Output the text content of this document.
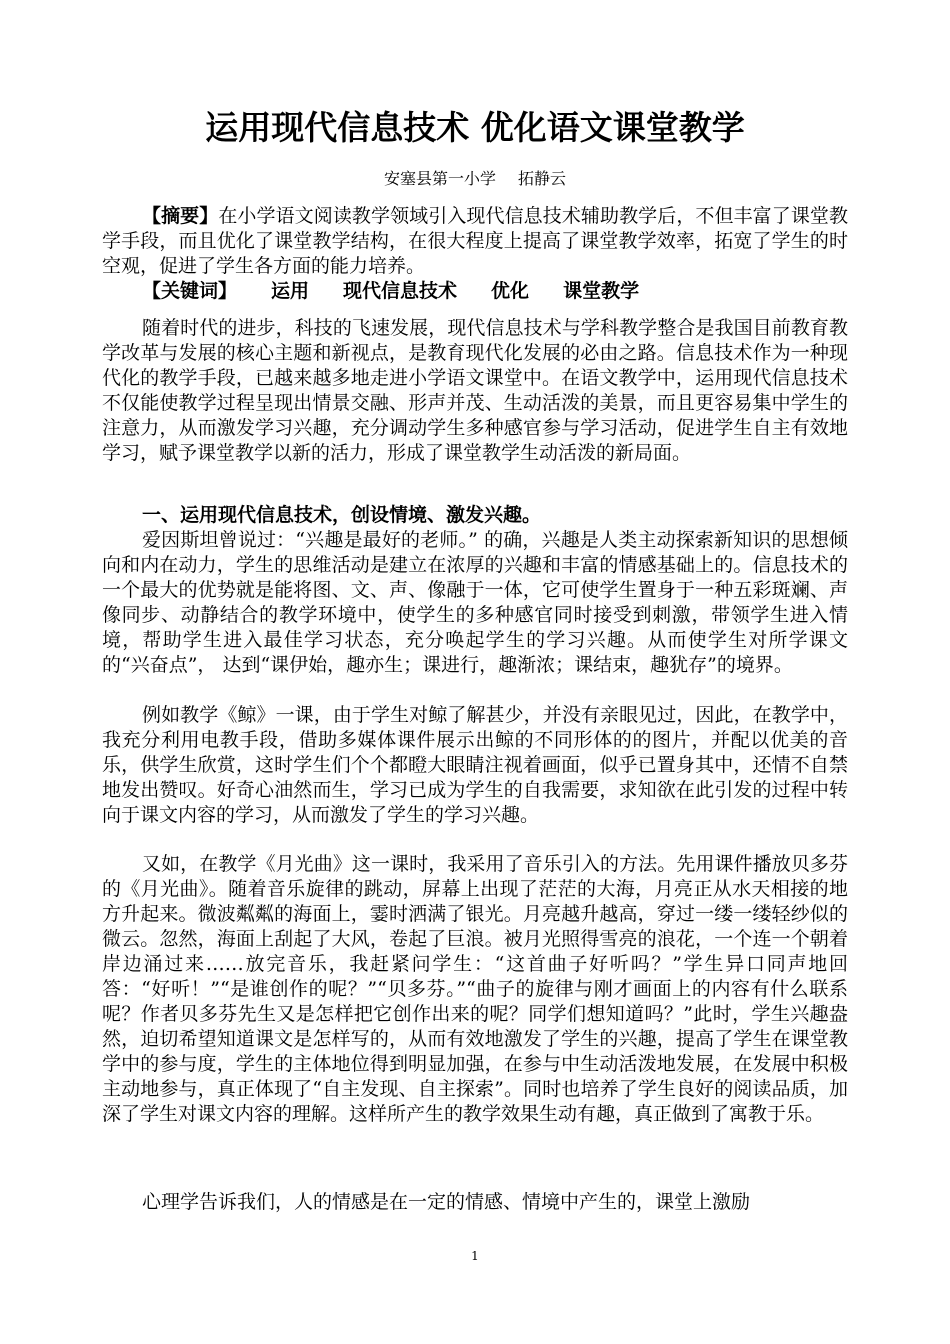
运用现代信息技术 优化语文课堂教学

安塞县第一小学 拓静云

【摘要】在小学语文阅读教学领域引入现代信息技术辅助教学后，不但丰富了课堂教学手段，而且优化了课堂教学结构，在很大程度上提高了课堂教学效率，拓宽了学生的时空观，促进了学生各方面的能力培养。

【关键词】 运用 现代信息技术 优化 课堂教学

随着时代的进步，科技的飞速发展，现代信息技术与学科教学整合是我国目前教育教学改革与发展的核心主题和新视点，是教育现代化发展的必由之路。信息技术作为一种现代化的教学手段，已越来越多地走进小学语文课堂中。在语文教学中，运用现代信息技术不仅能使教学过程呈现出情景交融、形声并茂、生动活泼的美景，而且更容易集中学生的注意力，从而激发学习兴趣，充分调动学生多种感官参与学习活动，促进学生自主有效地学习，赋予课堂教学以新的活力，形成了课堂教学生动活泼的新局面。

一、运用现代信息技术，创设情境、激发兴趣。

爱因斯坦曾说过：“兴趣是最好的老师。” 的确，兴趣是人类主动探索新知识的思想倾向和内在动力，学生的思维活动是建立在浓厚的兴趣和丰富的情感基础上的。信息技术的一个最大的优势就是能将图、文、声、像融于一体，它可使学生置身于一种五彩斑斓、声像同步、动静结合的教学环境中，使学生的多种感官同时接受到刺激，带领学生进入情境，帮助学生进入最佳学习状态，充分唤起学生的学习兴趣。从而使学生对所学课文的“兴奋点”， 达到“课伊始，趣亦生；课进行，趣渐浓；课结束，趣犹存”的境界。

例如教学《鲸》一课，由于学生对鲸了解甚少，并没有亲眼见过，因此，在教学中，我充分利用电教手段，借助多媒体课件展示出鲸的不同形体的的图片，并配以优美的音乐，供学生欣赏，这时学生们个个都瞪大眼睛注视着画面，似乎已置身其中，还情不自禁地发出赞叹。好奇心油然而生，学习已成为学生的自我需要，求知欲在此引发的过程中转向于课文内容的学习，从而激发了学生的学习兴趣。

又如，在教学《月光曲》这一课时，我采用了音乐引入的方法。先用课件播放贝多芬的《月光曲》。随着音乐旋律的跳动，屏幕上出现了茫茫的大海，月亮正从水天相接的地方升起来。微波粼粼的海面上，霎时洒满了银光。月亮越升越高，穿过一缕一缕轻纱似的微云。忽然，海面上刮起了大风，卷起了巨浪。被月光照得雪亮的浪花，一个连一个朝着岸边涌过来……放完音乐，我赶紧问学生：“这首曲子好听吗？”学生异口同声地回答：“好听！”“是谁创作的呢？”“贝多芬。”“曲子的旋律与刚才画面上的内容有什么联系呢？作者贝多芬先生又是怎样把它创作出来的呢？同学们想知道吗？”此时，学生兴趣盎然，迫切希望知道课文是怎样写的，从而有效地激发了学生的兴趣，提高了学生在课堂教学中的参与度，学生的主体地位得到明显加强，在参与中生动活泼地发展，在发展中积极主动地参与，真正体现了“自主发现、自主探索”。同时也培养了学生良好的阅读品质，加深了学生对课文内容的理解。这样所产生的教学效果生动有趣，真正做到了寓教于乐。

心理学告诉我们，人的情感是在一定的情感、情境中产生的，课堂上激励

1
